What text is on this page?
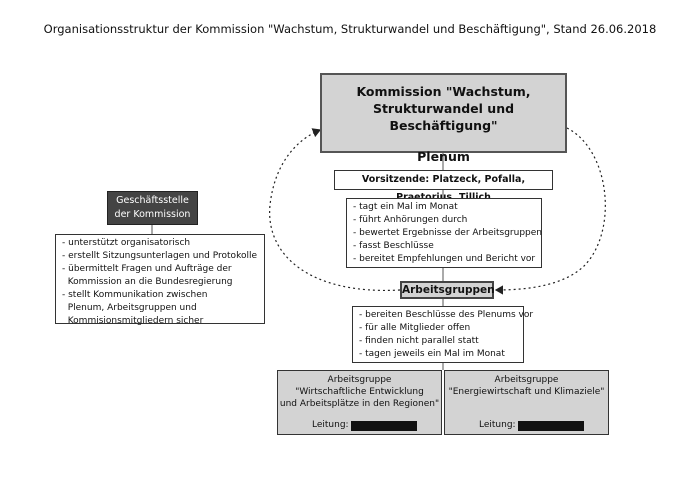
Organisationsstruktur der Kommission "Wachstum, Strukturwandel und Beschäftigung", Stand 26.06.2018
Kommission "Wachstum,
Strukturwandel und Beschäftigung"
Plenum
Vorsitzende: Platzeck, Pofalla,
- tagt ein Mal im Monat
- führt Anhörungen durch
- bewertet Ergebnisse der Arbeitsgruppen
- fasst Beschlüsse
- bereitet Empfehlungen und Bericht vor
Arbeitsgruppen
- bereiten Beschlüsse des Plenums vor
- für alle Mitglieder offen
- finden nicht parallel statt
- tagen jeweils ein Mal im Monat
Geschäftsstelle
der Kommission
- unterstützt organisatorisch
- erstellt Sitzungsunterlagen und Protokolle
- übermittelt Fragen und Aufträge der
Kommission an die Bundesregierung
- stellt Kommunikation zwischen
Plenum, Arbeitsgruppen und
Kommisionsmitgliedern sicher
Arbeitsgruppe
"Wirtschaftliche Entwicklung
und Arbeitsplätze in den Regionen"
Leitung:
Arbeitsgruppe
"Energiewirtschaft und Klimaziele"
Leitung:
